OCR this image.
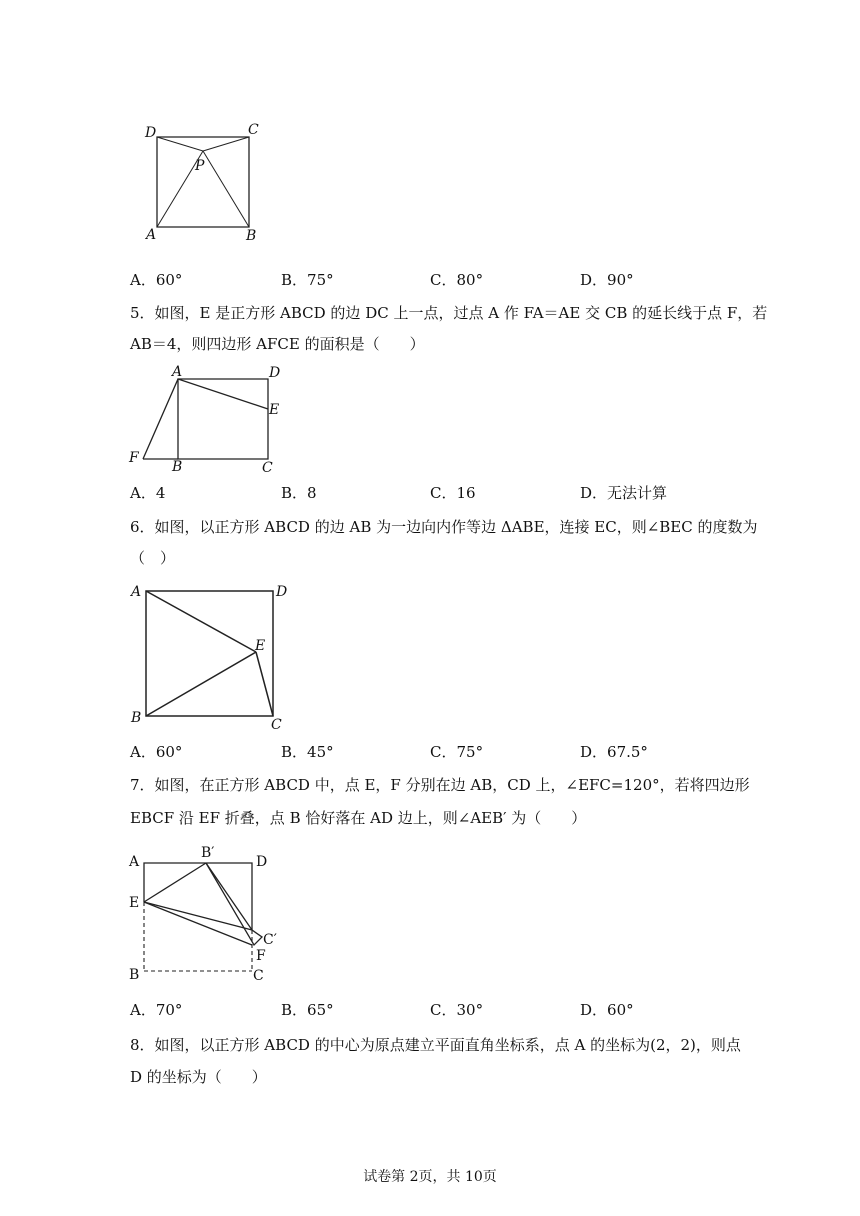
D	C
P
A	B
A．60°	B．75°	C．80°	D．90°
5．如图，E 是正方形 ABCD 的边 DC 上一点，过点 A 作 FA＝AE 交 CB 的延长线于点 F，若
AB＝4，则四边形 AFCE 的面积是（　　）
A	D
E
F
B	C
A．4	B．8	C．16	D．无法计算
6．如图，以正方形 ABCD 的边 AB 为一边向内作等边 ΔABE，连接 EC，则∠BEC 的度数为
（　）
A	D
E
B	C
A．60°	B．45°	C．75°	D．67.5°
7．如图，在正方形 ABCD 中，点 E，F 分别在边 AB，CD 上，∠EFC=120°，若将四边形
EBCF 沿 EF 折叠，点 B 恰好落在 AD 边上，则∠AEB′ 为（　　）
A
B′
D
E
C′
F
B	C
A．70°	B．65°	C．30°	D．60°
8．如图，以正方形 ABCD 的中心为原点建立平面直角坐标系，点 A 的坐标为(2，2)，则点
D 的坐标为（　　）
试卷第 2页，共 10页
